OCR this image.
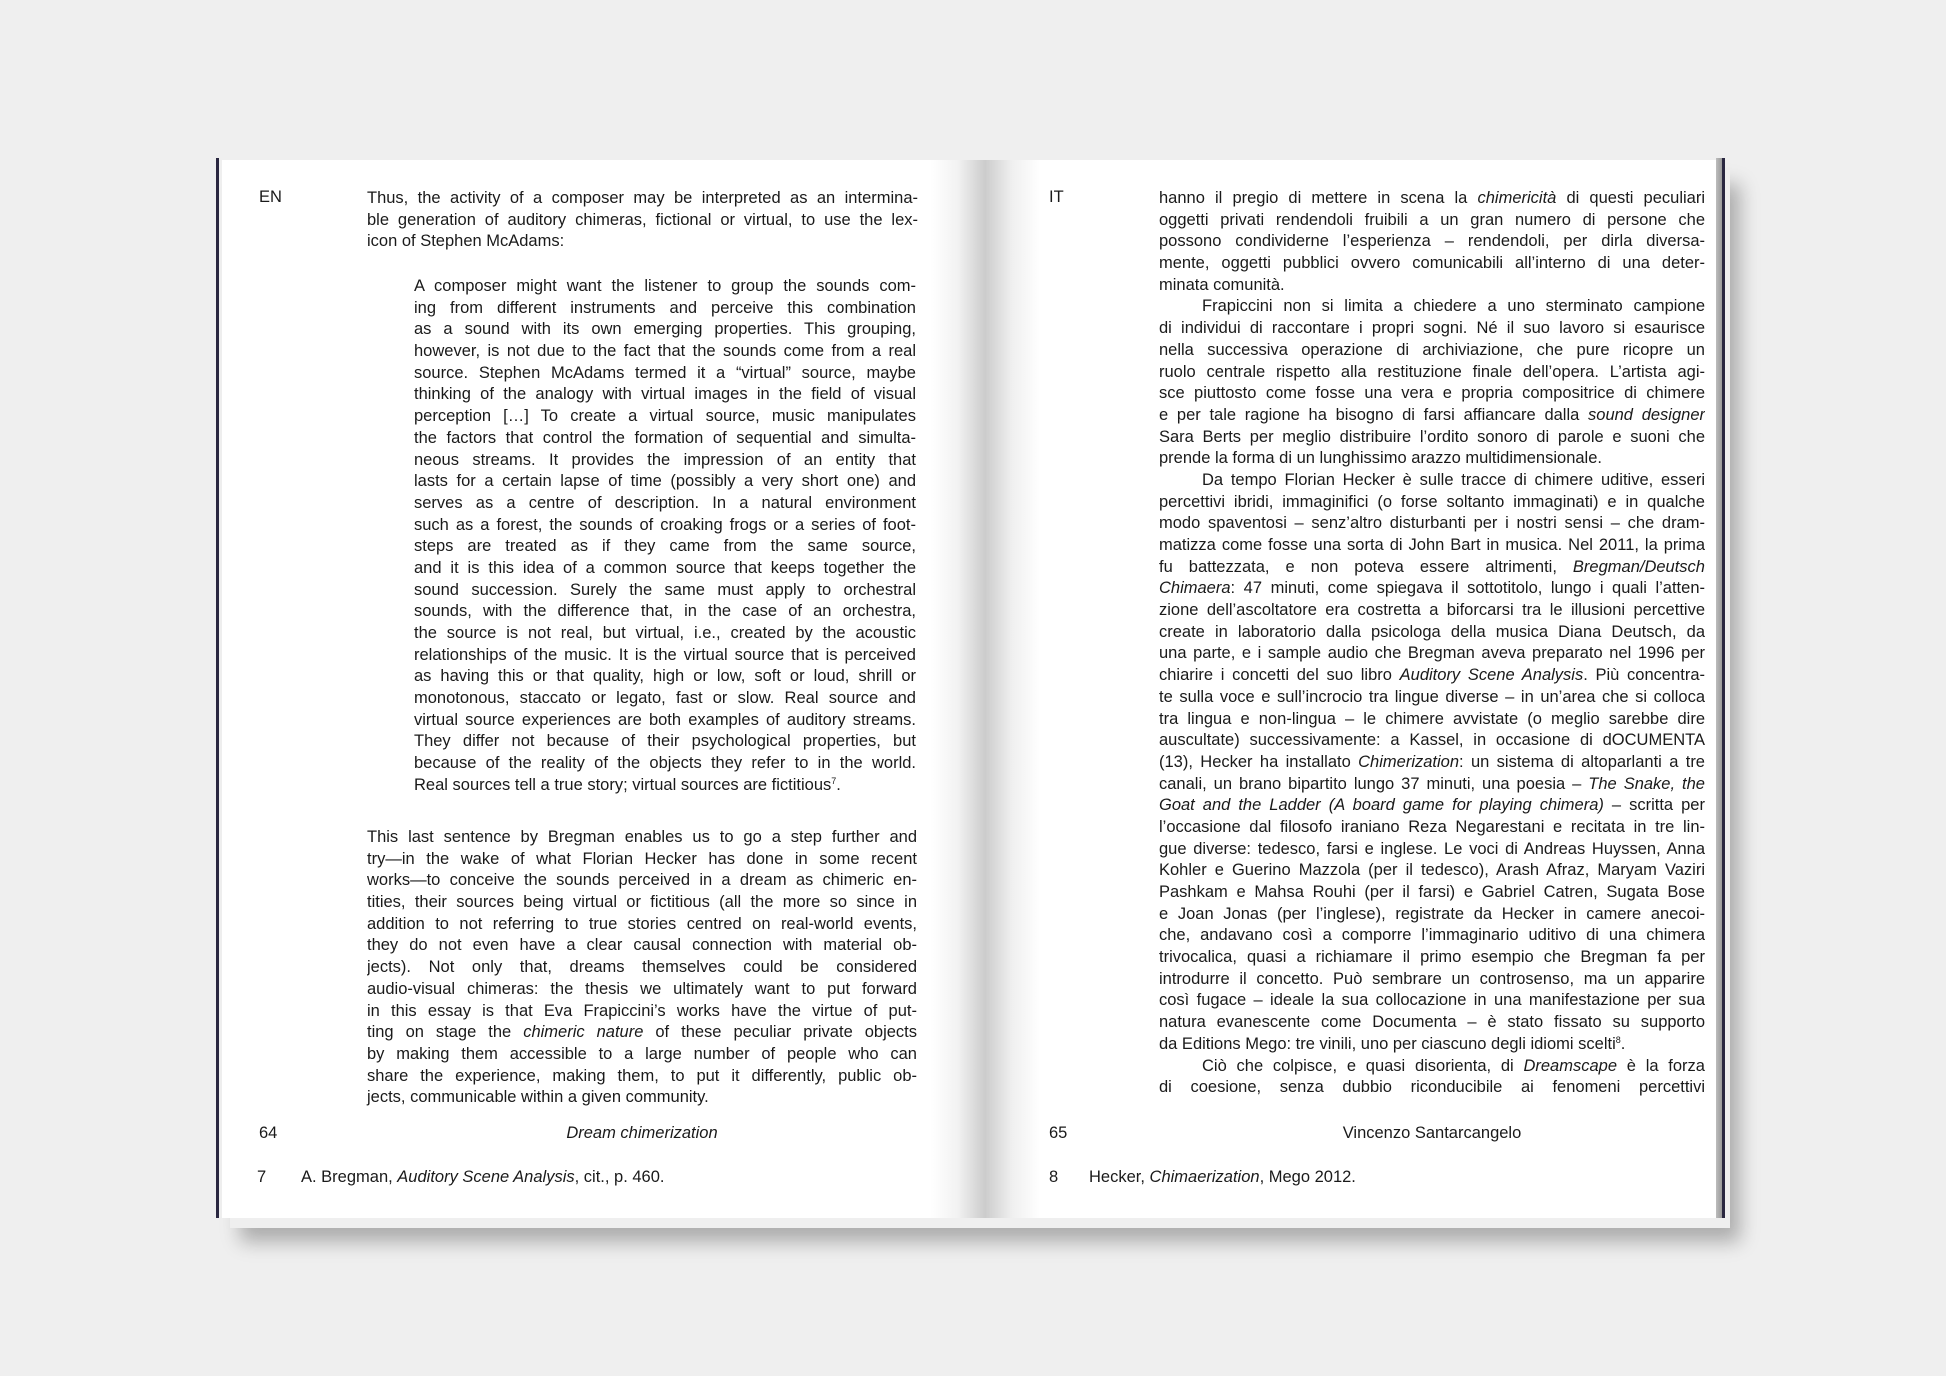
EN	Thus, the activity of a composer may be interpreted as an intermina-
ble generation of auditory chimeras, fictional or virtual, to use the lex-
icon of Stephen McAdams:
A composer might want the listener to group the sounds com-
ing from different instruments and perceive this combination
as a sound with its own emerging properties. This grouping,
however, is not due to the fact that the sounds come from a real
source. Stephen McAdams termed it a “virtual” source, maybe
thinking of the analogy with virtual images in the field of visual
perception […] To create a virtual source, music manipulates
the factors that control the formation of sequential and simulta-
neous streams. It provides the impression of an entity that
lasts for a certain lapse of time (possibly a very short one) and
serves as a centre of description. In a natural environment
such as a forest, the sounds of croaking frogs or a series of foot-
steps are treated as if they came from the same source,
and it is this idea of a common source that keeps together the
sound succession. Surely the same must apply to orchestral
sounds, with the difference that, in the case of an orchestra,
the source is not real, but virtual, i.e., created by the acoustic
relationships of the music. It is the virtual source that is perceived
as having this or that quality, high or low, soft or loud, shrill or
monotonous, staccato or legato, fast or slow. Real source and
virtual source experiences are both examples of auditory streams.
They differ not because of their psychological properties, but
because of the reality of the objects they refer to in the world.
Real sources tell a true story; virtual sources are fictitious$^7$.
This last sentence by Bregman enables us to go a step further and
try—in the wake of what Florian Hecker has done in some recent
works—to conceive the sounds perceived in a dream as chimeric en-
tities, their sources being virtual or fictitious (all the more so since in
addition to not referring to true stories centred on real-world events,
they do not even have a clear causal connection with material ob-
jects). Not only that, dreams themselves could be considered
audio-visual chimeras: the thesis we ultimately want to put forward
in this essay is that Eva Frapiccini’s works have the virtue of put-
ting on stage the chimeric nature of these peculiar private objects
by making them accessible to a large number of people who can
share the experience, making them, to put it differently, public ob-
jects, communicable within a given community.
64	Dream chimerization
7 A. Bregman, Auditory Scene Analysis, cit., p. 460.
IT	hanno il pregio di mettere in scena la chimericità di questi peculiari
oggetti privati rendendoli fruibili a un gran numero di persone che
possono condividerne l’esperienza – rendendoli, per dirla diversa-
mente, oggetti pubblici ovvero comunicabili all’interno di una deter-
minata comunità.
Frapiccini non si limita a chiedere a uno sterminato campione
di individui di raccontare i propri sogni. Né il suo lavoro si esaurisce
nella successiva operazione di archiviazione, che pure ricopre un
ruolo centrale rispetto alla restituzione finale dell’opera. L’artista agi-
sce piuttosto come fosse una vera e propria compositrice di chimere
e per tale ragione ha bisogno di farsi affiancare dalla sound designer
Sara Berts per meglio distribuire l’ordito sonoro di parole e suoni che
prende la forma di un lunghissimo arazzo multidimensionale.
Da tempo Florian Hecker è sulle tracce di chimere uditive, esseri
percettivi ibridi, immaginifici (o forse soltanto immaginati) e in qualche
modo spaventosi – senz’altro disturbanti per i nostri sensi – che dram-
matizza come fosse una sorta di John Bart in musica. Nel 2011, la prima
fu battezzata, e non poteva essere altrimenti, Bregman/Deutsch
Chimaera: 47 minuti, come spiegava il sottotitolo, lungo i quali l’atten-
zione dell’ascoltatore era costretta a biforcarsi tra le illusioni percettive
create in laboratorio dalla psicologa della musica Diana Deutsch, da
una parte, e i sample audio che Bregman aveva preparato nel 1996 per
chiarire i concetti del suo libro Auditory Scene Analysis. Più concentra-
te sulla voce e sull’incrocio tra lingue diverse – in un’area che si colloca
tra lingua e non-lingua – le chimere avvistate (o meglio sarebbe dire
auscultate) successivamente: a Kassel, in occasione di dOCUMENTA
(13), Hecker ha installato Chimerization: un sistema di altoparlanti a tre
canali, un brano bipartito lungo 37 minuti, una poesia – The Snake, the
Goat and the Ladder (A board game for playing chimera) – scritta per
l’occasione dal filosofo iraniano Reza Negarestani e recitata in tre lin-
gue diverse: tedesco, farsi e inglese. Le voci di Andreas Huyssen, Anna
Kohler e Guerino Mazzola (per il tedesco), Arash Afraz, Maryam Vaziri
Pashkam e Mahsa Rouhi (per il farsi) e Gabriel Catren, Sugata Bose
e Joan Jonas (per l’inglese), registrate da Hecker in camere anecoi-
che, andavano così a comporre l’immaginario uditivo di una chimera
trivocalica, quasi a richiamare il primo esempio che Bregman fa per
introdurre il concetto. Può sembrare un controsenso, ma un apparire
così fugace – ideale la sua collocazione in una manifestazione per sua
natura evanescente come Documenta – è stato fissato su supporto
da Editions Mego: tre vinili, uno per ciascuno degli idiomi scelti$^8$.
Ciò che colpisce, e quasi disorienta, di Dreamscape è la forza
di coesione, senza dubbio riconducibile ai fenomeni percettivi
65	Vincenzo Santarcangelo
8 Hecker, Chimaerization, Mego 2012.
